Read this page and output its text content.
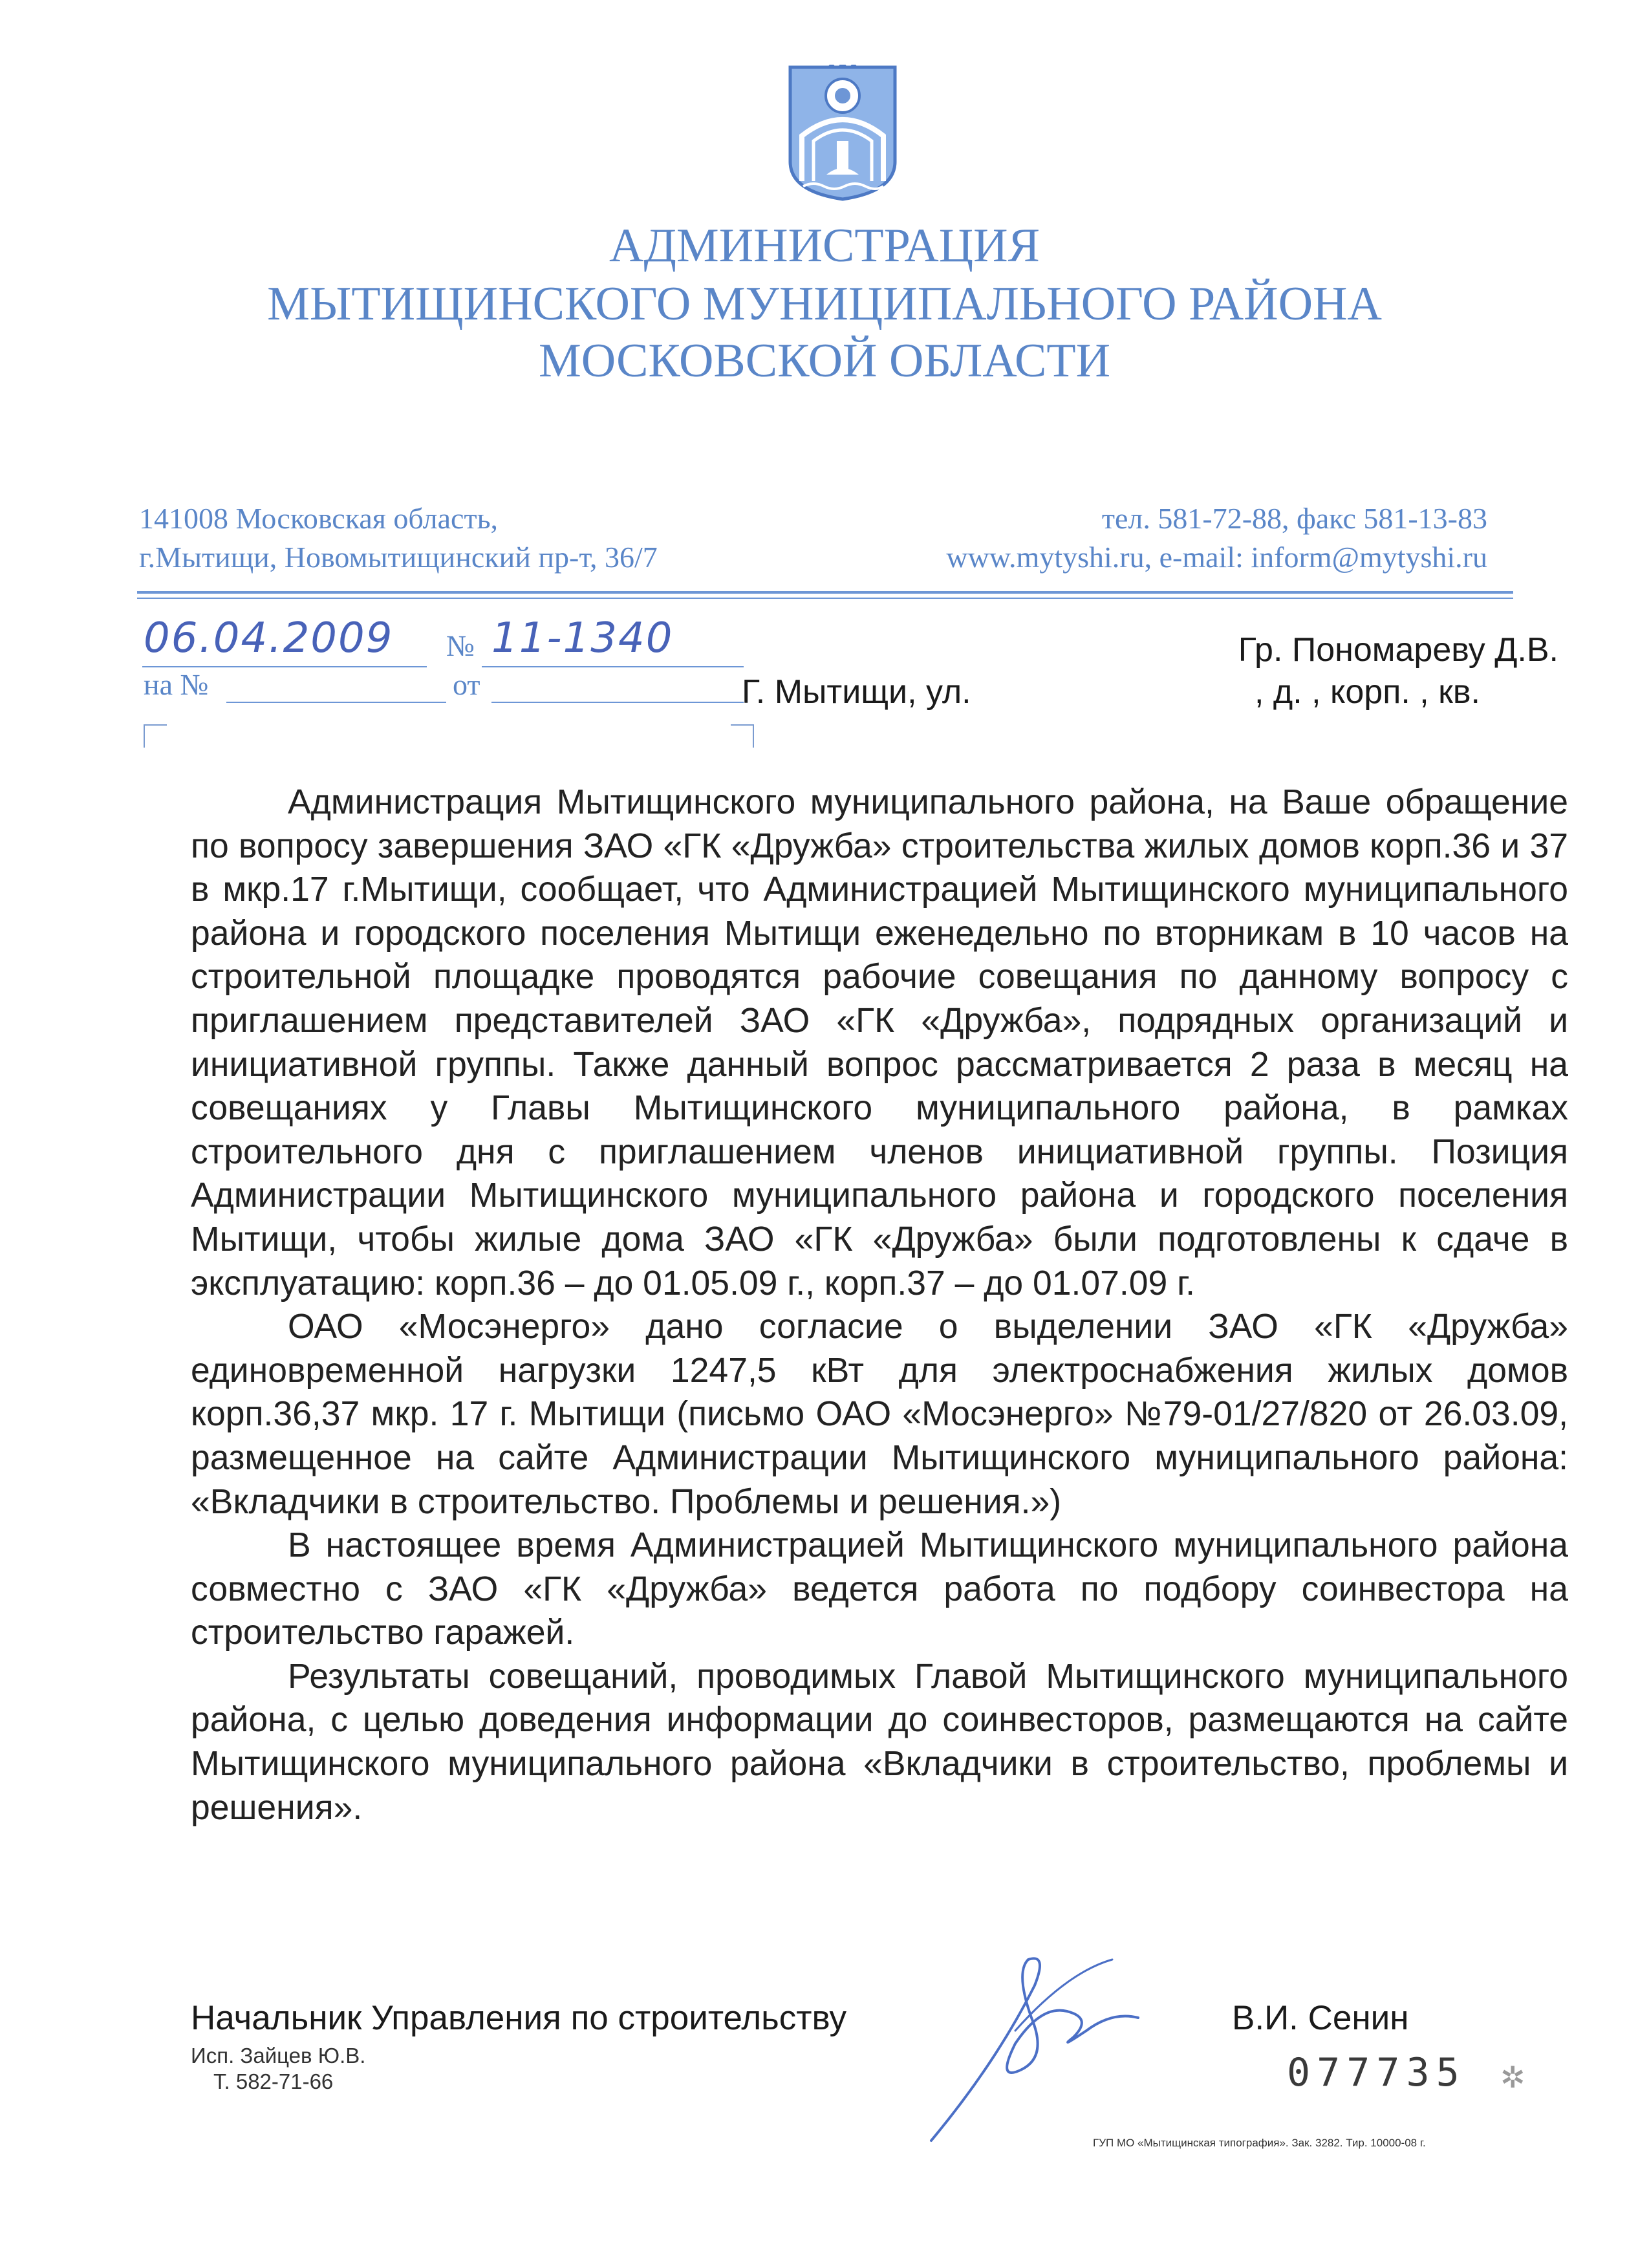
АДМИНИСТРАЦИЯ
МЫТИЩИНСКОГО МУНИЦИПАЛЬНОГО РАЙОНА
МОСКОВСКОЙ ОБЛАСТИ
141008 Московская область,
г.Мытищи, Новомытищинский пр-т, 36/7
тел. 581-72-88, факс 581-13-83
www.mytyshi.ru, e-mail: inform@mytyshi.ru
06.04.2009 № 11-1340
на №	от
Гр. Пономареву Д.В.
Г. Мытищи, ул.	, д. , корп. , кв.

Администрация Мытищинского муниципального района, на Ваше обращение по вопросу завершения ЗАО «ГК «Дружба» строительства жилых домов корп.36 и 37 в мкр.17 г.Мытищи, сообщает, что Администрацией Мытищинского муниципального района и городского поселения Мытищи еженедельно по вторникам в 10 часов на строительной площадке проводятся рабочие совещания по данному вопросу с приглашением представителей ЗАО «ГК «Дружба», подрядных организаций и инициативной группы. Также данный вопрос рассматривается 2 раза в месяц на совещаниях у Главы Мытищинского муниципального района, в рамках строительного дня с приглашением членов инициативной группы. Позиция Администрации Мытищинского муниципального района и городского поселения Мытищи, чтобы жилые дома ЗАО «ГК «Дружба» были подготовлены к сдаче в эксплуатацию: корп.36 – до 01.05.09 г., корп.37 – до 01.07.09 г.

ОАО «Мосэнерго» дано согласие о выделении ЗАО «ГК «Дружба» единовременной нагрузки 1247,5 кВт для электроснабжения жилых домов корп.36,37 мкр. 17 г. Мытищи (письмо ОАО «Мосэнерго» №79-01/27/820 от 26.03.09, размещенное на сайте Администрации Мытищинского муниципального района: «Вкладчики в строительство. Проблемы и решения.»)

В настоящее время Администрацией Мытищинского муниципального района совместно с ЗАО «ГК «Дружба» ведется работа по подбору соинвестора на строительство гаражей.

Результаты совещаний, проводимых Главой Мытищинского муниципального района, с целью доведения информации до соинвесторов, размещаются на сайте Мытищинского муниципального района «Вкладчики в строительство, проблемы и решения».

Начальник Управления по строительству	В.И. Сенин
Исп. Зайцев Ю.В.
Т. 582-71-66	077735 ✲
ГУП МО «Мытищинская типография». Зак. 3282. Тир. 10000-08 г.
